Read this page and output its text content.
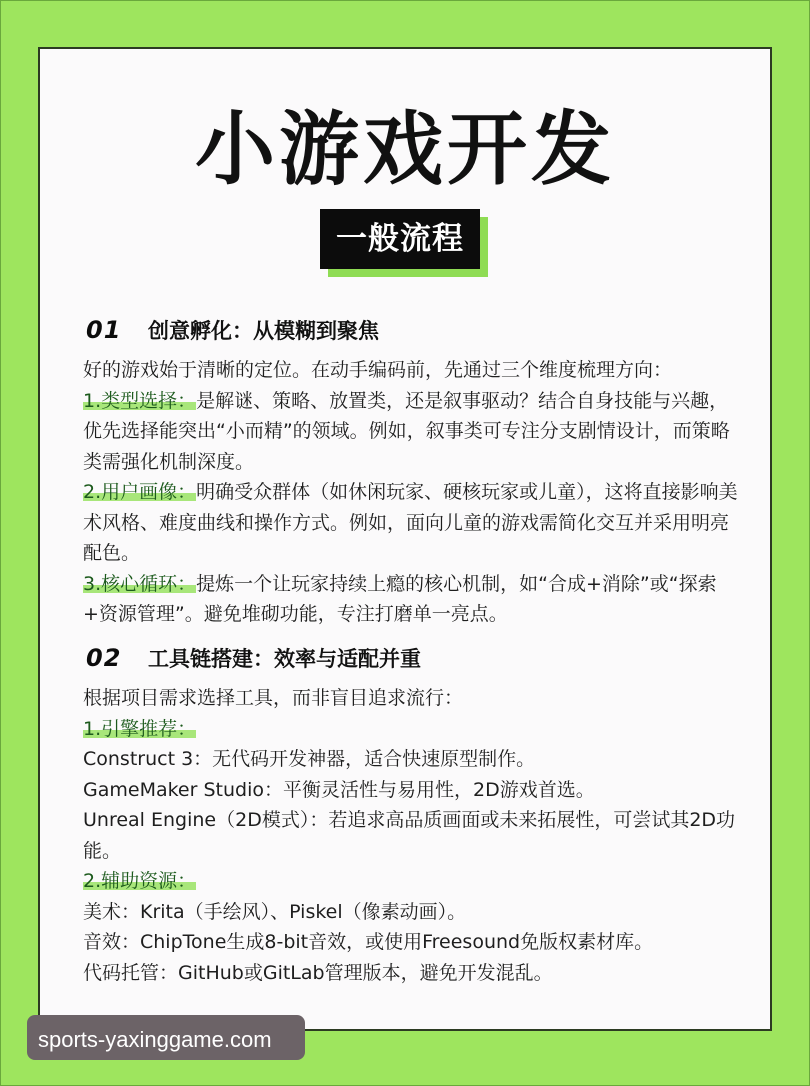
小游戏开发
一般流程
01	创意孵化：从模糊到聚焦

好的游戏始于清晰的定位。在动手编码前，先通过三个维度梳理方向：

1.类型选择：是解谜、策略、放置类，还是叙事驱动？结合自身技能与兴趣，优先选择能突出“小而精”的领域。例如，叙事类可专注分支剧情设计，而策略类需强化机制深度。

2.用户画像：明确受众群体（如休闲玩家、硬核玩家或儿童），这将直接影响美术风格、难度曲线和操作方式。例如，面向儿童的游戏需简化交互并采用明亮配色。

3.核心循环：提炼一个让玩家持续上瘾的核心机制，如“合成+消除”或“探索+资源管理”。避免堆砌功能，专注打磨单一亮点。

02	工具链搭建：效率与适配并重

根据项目需求选择工具，而非盲目追求流行：

1.引擎推荐：

Construct 3：无代码开发神器，适合快速原型制作。

GameMaker Studio：平衡灵活性与易用性，2D游戏首选。

Unreal Engine（2D模式）：若追求高品质画面或未来拓展性，可尝试其2D功能。

2.辅助资源：

美术：Krita（手绘风）、Piskel（像素动画）。

音效：ChipTone生成8-bit音效，或使用Freesound免版权素材库。

代码托管：GitHub或GitLab管理版本，避免开发混乱。

sports-yaxinggame.com
